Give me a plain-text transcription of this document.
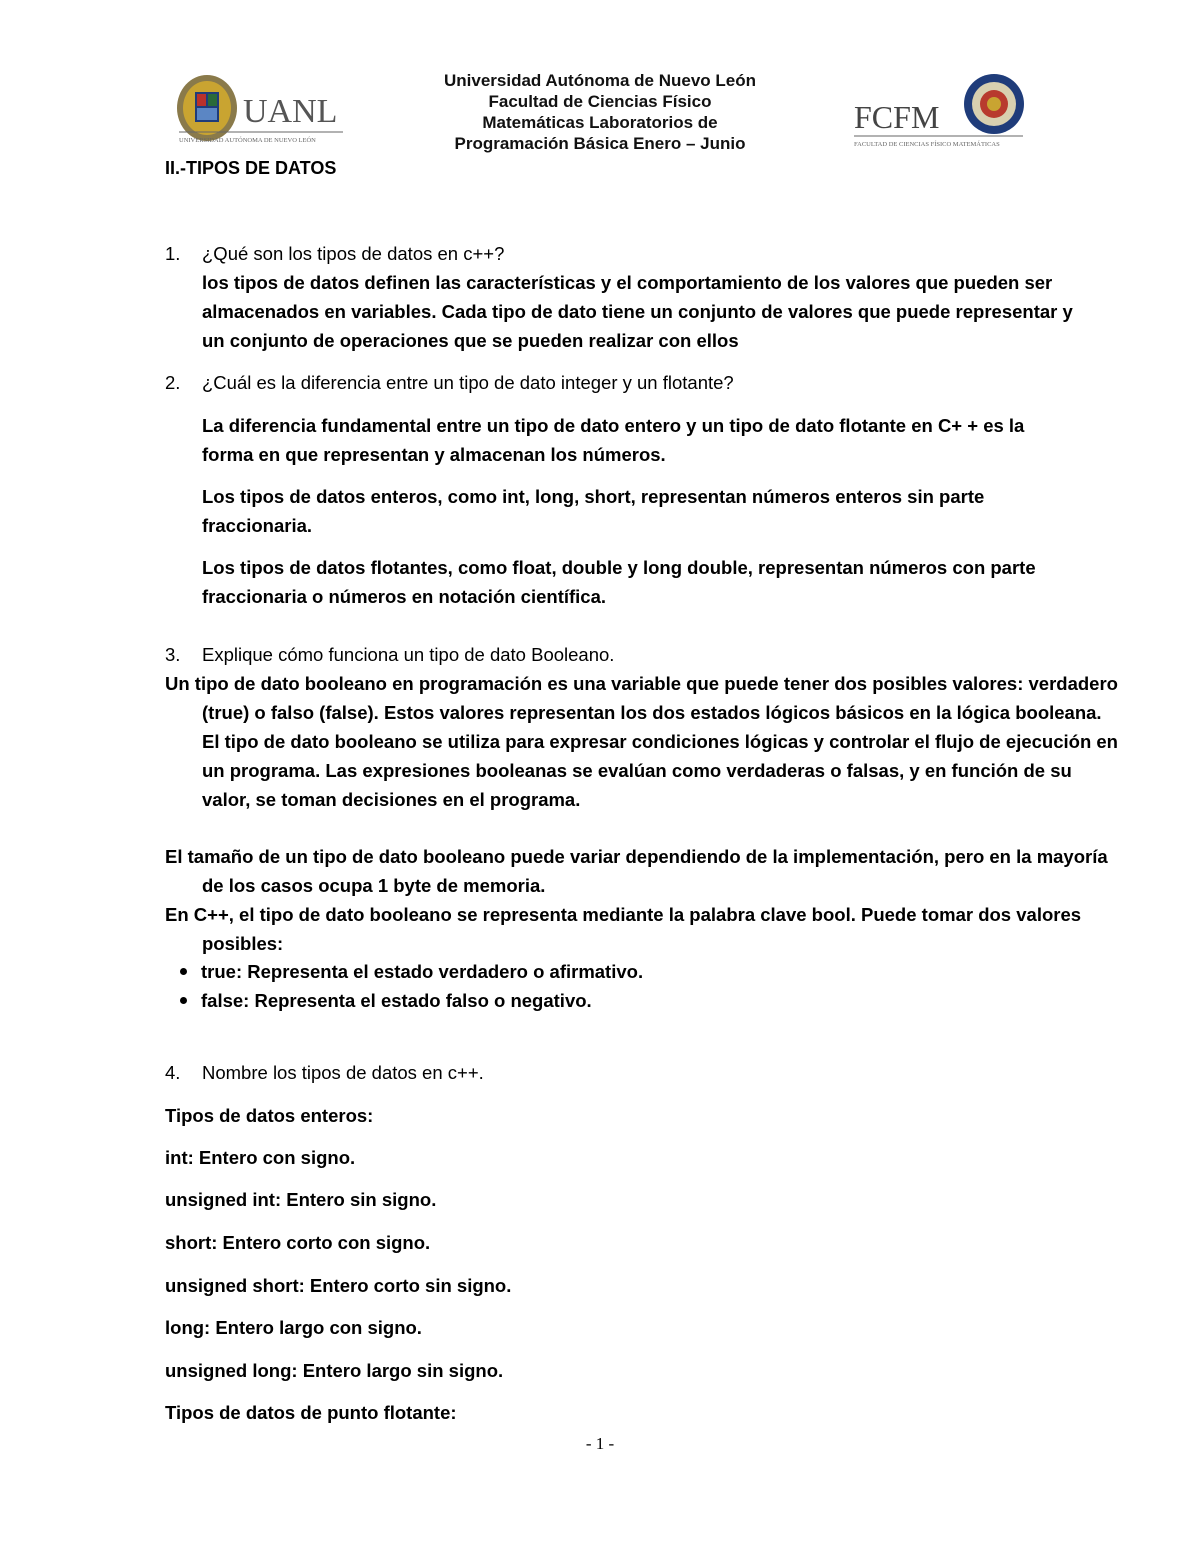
UANL
UNIVERSIDAD AUTÓNOMA DE NUEVO LEÓN
Universidad Autónoma de Nuevo León
Facultad de Ciencias Físico
Matemáticas Laboratorios de
Programación Básica Enero – Junio
FCFM
FACULTAD DE CIENCIAS FÍSICO MATEMÁTICAS
II.-TIPOS DE DATOS
1. ¿Qué son los tipos de datos en c++?
los tipos de datos definen las características y el comportamiento de los valores que pueden ser almacenados en variables. Cada tipo de dato tiene un conjunto de valores que puede representar y un conjunto de operaciones que se pueden realizar con ellos
2. ¿Cuál es la diferencia entre un tipo de dato integer y un flotante?
La diferencia fundamental entre un tipo de dato entero y un tipo de dato flotante en C+ + es la forma en que representan y almacenan los números.
Los tipos de datos enteros, como int, long, short, representan números enteros sin parte fraccionaria.
Los tipos de datos flotantes, como float, double y long double, representan números con parte fraccionaria o números en notación científica.
3. Explique cómo funciona un tipo de dato Booleano.
Un tipo de dato booleano en programación es una variable que puede tener dos posibles valores: verdadero (true) o falso (false). Estos valores representan los dos estados lógicos básicos en la lógica booleana. El tipo de dato booleano se utiliza para expresar condiciones lógicas y controlar el flujo de ejecución en un programa. Las expresiones booleanas se evalúan como verdaderas o falsas, y en función de su valor, se toman decisiones en el programa.
El tamaño de un tipo de dato booleano puede variar dependiendo de la implementación, pero en la mayoría de los casos ocupa 1 byte de memoria.
En C++, el tipo de dato booleano se representa mediante la palabra clave bool. Puede tomar dos valores posibles:
true: Representa el estado verdadero o afirmativo.
false: Representa el estado falso o negativo.
4. Nombre los tipos de datos en c++.
Tipos de datos enteros:
int: Entero con signo.
unsigned int: Entero sin signo.
short: Entero corto con signo.
unsigned short: Entero corto sin signo.
long: Entero largo con signo.
unsigned long: Entero largo sin signo.
Tipos de datos de punto flotante:
- 1 -
